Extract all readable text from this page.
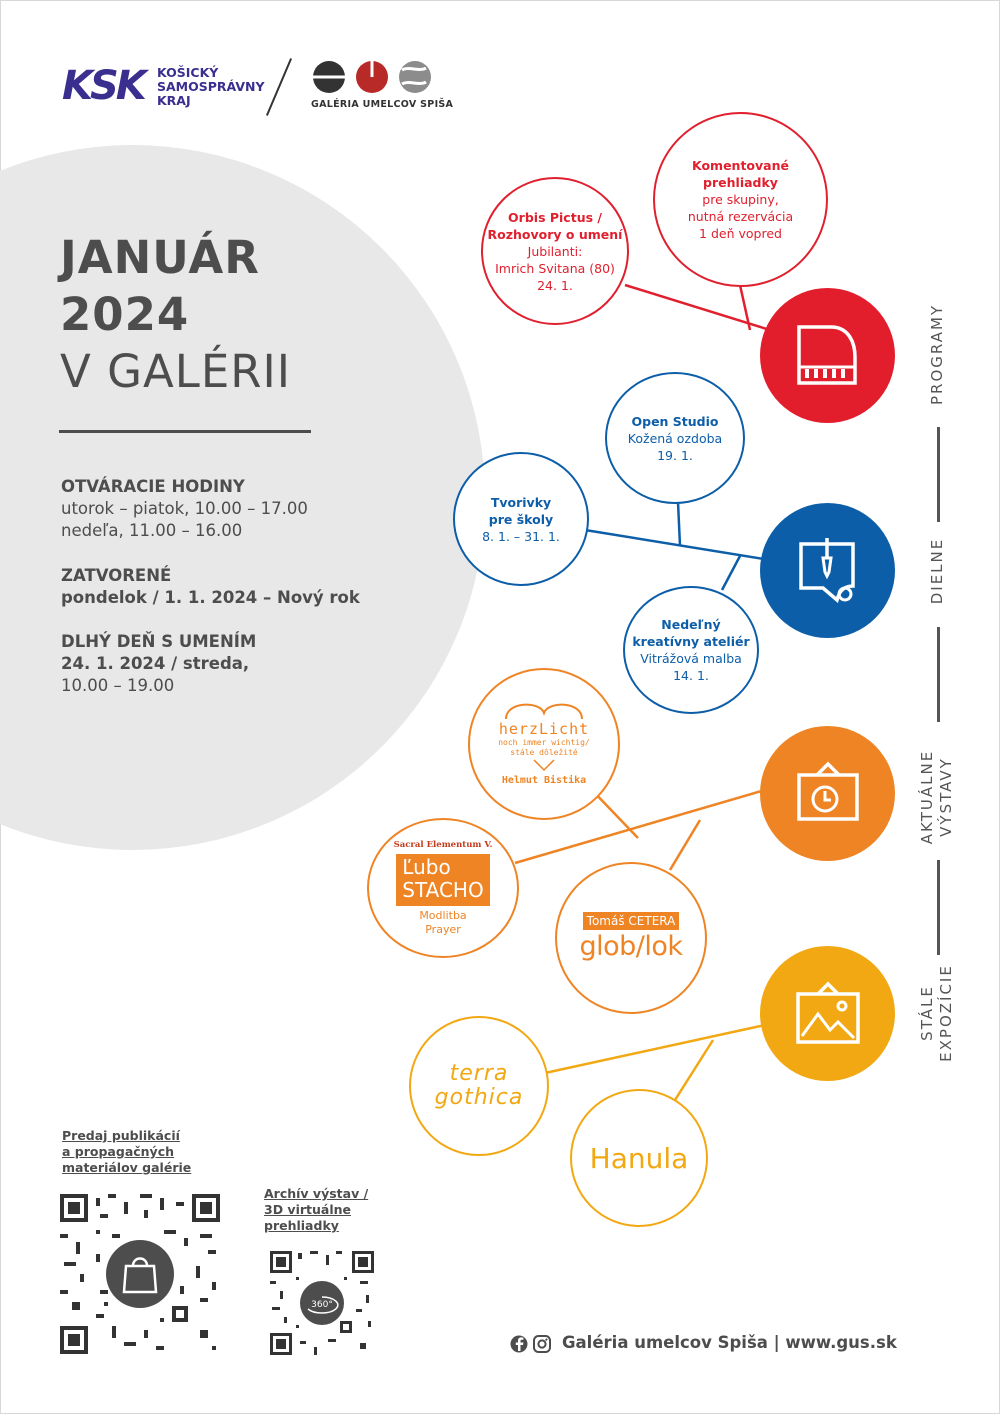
KSK KOŠICKÝ
SAMOSPRÁVNY
KRAJ	GALÉRIA UMELCOV SPIŠA
JANUÁR
2024
V GALÉRII
OTVÁRACIE HODINY
utorok – piatok, 10.00 – 17.00
nedeľa, 11.00 – 16.00
ZATVORENÉ
pondelok / 1. 1. 2024 – Nový rok
DLHÝ DEŇ S UMENÍM
24. 1. 2024 / streda,
10.00 – 19.00
Komentované
prehliadky
pre skupiny,
nutná rezervácia
1 deň vopred
Orbis Pictus /
Rozhovory o umení
Jubilanti:
Imrich Svitana (80)
24. 1.
Open Studio
Kožená ozdoba
19. 1.
Tvorivky
pre školy
8. 1. – 31. 1.
Nedeľný
kreatívny ateliér
Vitrážová malba
14. 1.
herzLicht
noch immer wichtig/
stále dôležité
Helmut Bistika
Sacral Elementum V.
Ľubo
STACHO
Modlitba
Prayer
Tomáš CETERA
glob/lok
terra
gothica
Hanula
PROGRAMY
DIELNE
AKTUÁLNE VÝSTAVY
STÁLE EXPOZÍCIE
Predaj publikácií
a propagačných
materiálov galérie
Archív výstav /
3D virtuálne
prehliadky
360°
Galéria umelcov Spiša | www.gus.sk
